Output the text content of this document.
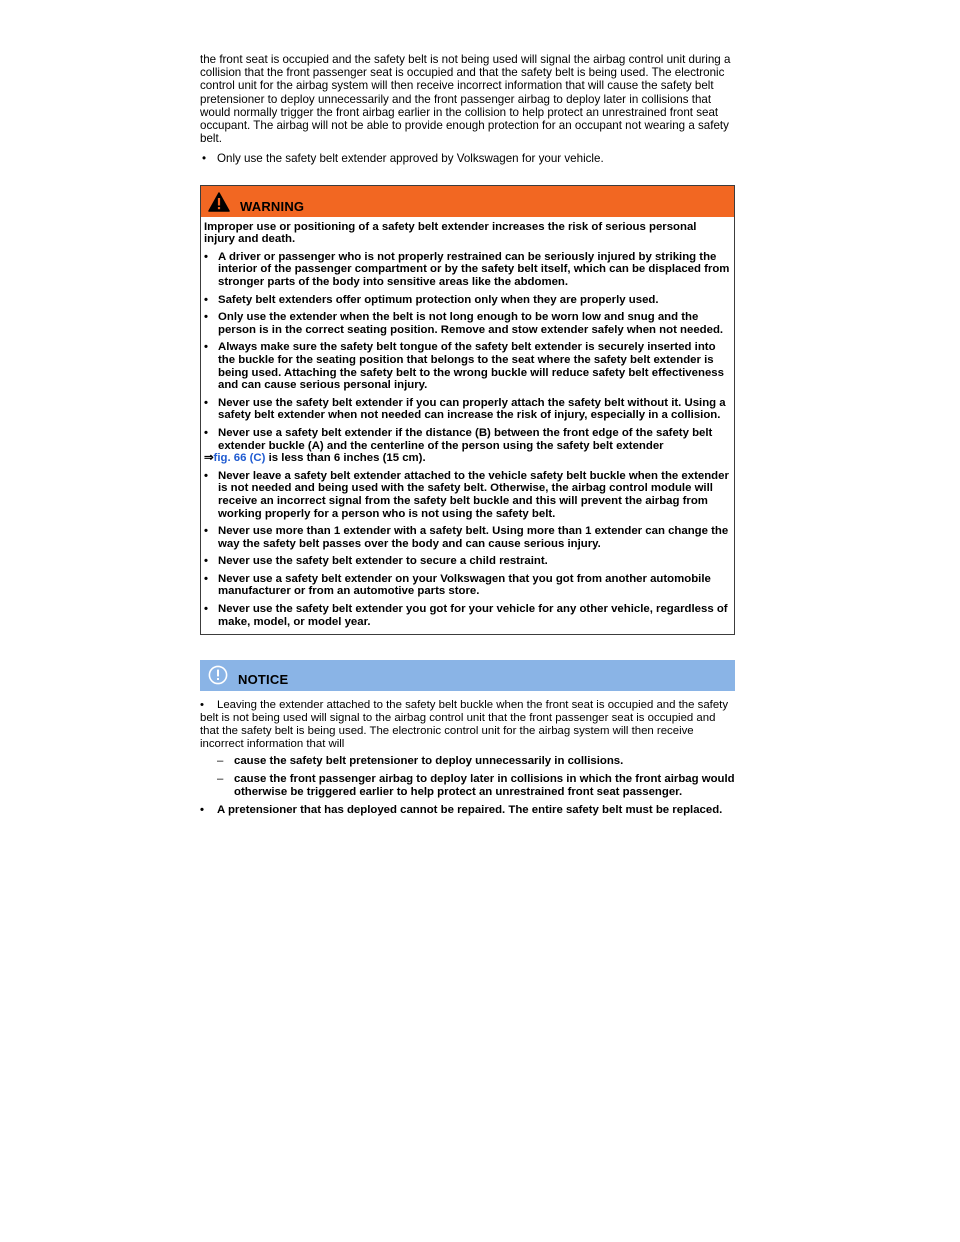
the front seat is occupied and the safety belt is not being used will signal the airbag control unit during a collision that the front passenger seat is occupied and that the safety belt is being used. The electronic control unit for the airbag system will then receive incorrect information that will cause the safety belt pretensioner to deploy unnecessarily and the front passenger airbag to deploy later in collisions that would normally trigger the front airbag earlier in the collision to help protect an unrestrained front seat occupant. The airbag will not be able to provide enough protection for an occupant not wearing a safety belt.

• Only use the safety belt extender approved by Volkswagen for your vehicle.
WARNING

Improper use or positioning of a safety belt extender increases the risk of serious personal injury and death.

• A driver or passenger who is not properly restrained can be seriously injured by striking the interior of the passenger compartment or by the safety belt itself, which can be displaced from stronger parts of the body into sensitive areas like the abdomen.
• Safety belt extenders offer optimum protection only when they are properly used.
• Only use the extender when the belt is not long enough to be worn low and snug and the person is in the correct seating position. Remove and stow extender safely when not needed.
• Always make sure the safety belt tongue of the safety belt extender is securely inserted into the buckle for the seating position that belongs to the seat where the safety belt extender is being used. Attaching the safety belt to the wrong buckle will reduce safety belt effectiveness and can cause serious personal injury.
• Never use the safety belt extender if you can properly attach the safety belt without it. Using a safety belt extender when not needed can increase the risk of injury, especially in a collision.
• Never use a safety belt extender if the distance (B) between the front edge of the safety belt extender buckle (A) and the centerline of the person using the safety belt extender

⇒fig. 66 (C) is less than 6 inches (15 cm).

• Never leave a safety belt extender attached to the vehicle safety belt buckle when the extender is not needed and being used with the safety belt. Otherwise, the airbag control module will receive an incorrect signal from the safety belt buckle and this will prevent the airbag from working properly for a person who is not using the safety belt.
• Never use more than 1 extender with a safety belt. Using more than 1 extender can change the way the safety belt passes over the body and can cause serious injury.
• Never use the safety belt extender to secure a child restraint.
• Never use a safety belt extender on your Volkswagen that you got from another automobile manufacturer or from an automotive parts store.
• Never use the safety belt extender you got for your vehicle for any other vehicle, regardless of make, model, or model year.
NOTICE
• Leaving the extender attached to the safety belt buckle when the front seat is occupied and the safety belt is not being used will signal to the airbag control unit that the front passenger seat is occupied and that the safety belt is being used. The electronic control unit for the airbag system will then receive incorrect information that will
– cause the safety belt pretensioner to deploy unnecessarily in collisions.
– cause the front passenger airbag to deploy later in collisions in which the front airbag would otherwise be triggered earlier to help protect an unrestrained front seat passenger.
• A pretensioner that has deployed cannot be repaired. The entire safety belt must be replaced.
